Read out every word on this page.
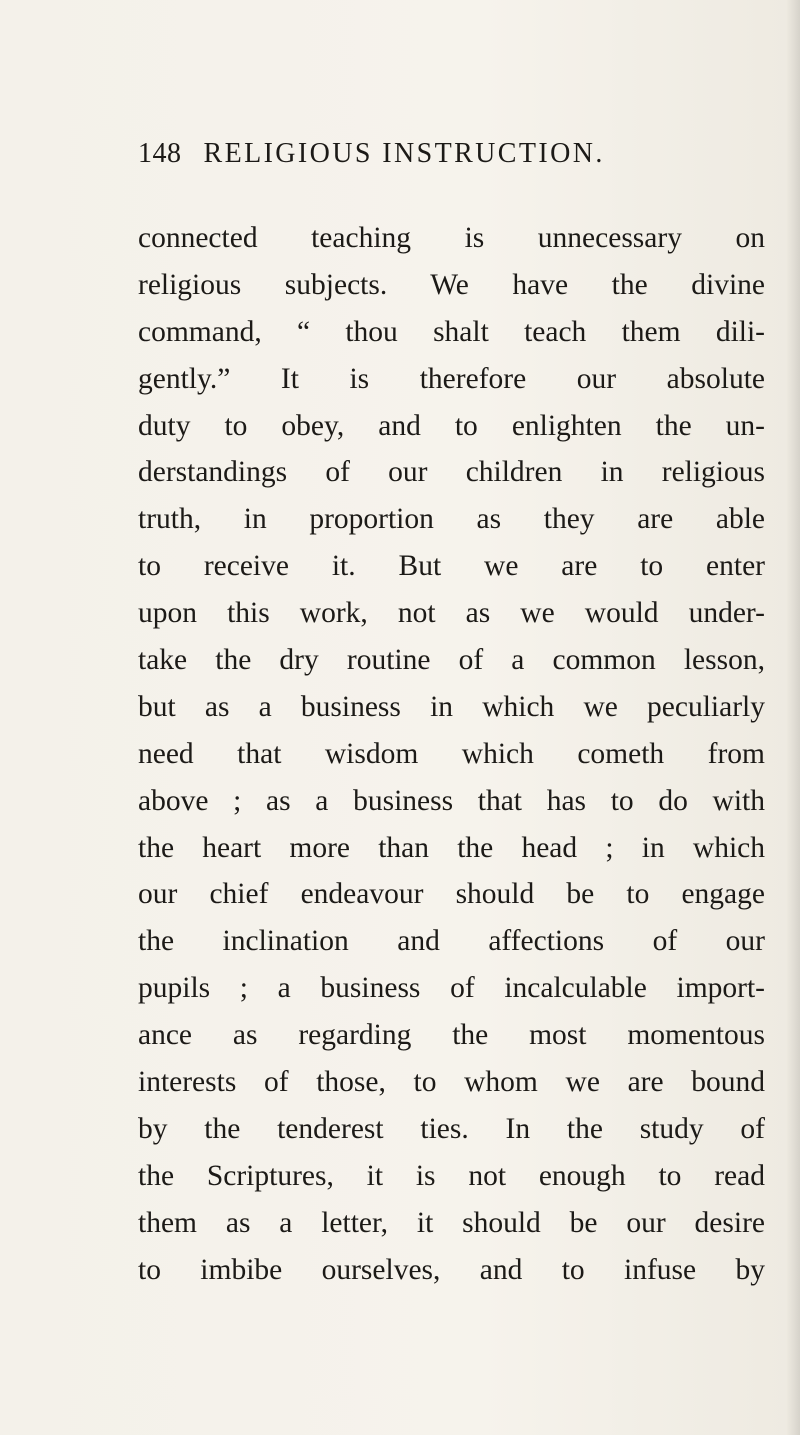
148 RELIGIOUS INSTRUCTION.
connected teaching is unnecessary on
religious subjects. We have the divine
command, “ thou shalt teach them dili-
gently.” It is therefore our absolute
duty to obey, and to enlighten the un-
derstandings of our children in religious
truth, in proportion as they are able
to receive it. But we are to enter
upon this work, not as we would under-
take the dry routine of a common lesson,
but as a business in which we peculiarly
need that wisdom which cometh from
above ; as a business that has to do with
the heart more than the head ; in which
our chief endeavour should be to engage
the inclination and affections of our
pupils ; a business of incalculable import-
ance as regarding the most momentous
interests of those, to whom we are bound
by the tenderest ties. In the study of
the Scriptures, it is not enough to read
them as a letter, it should be our desire
to imbibe ourselves, and to infuse by
